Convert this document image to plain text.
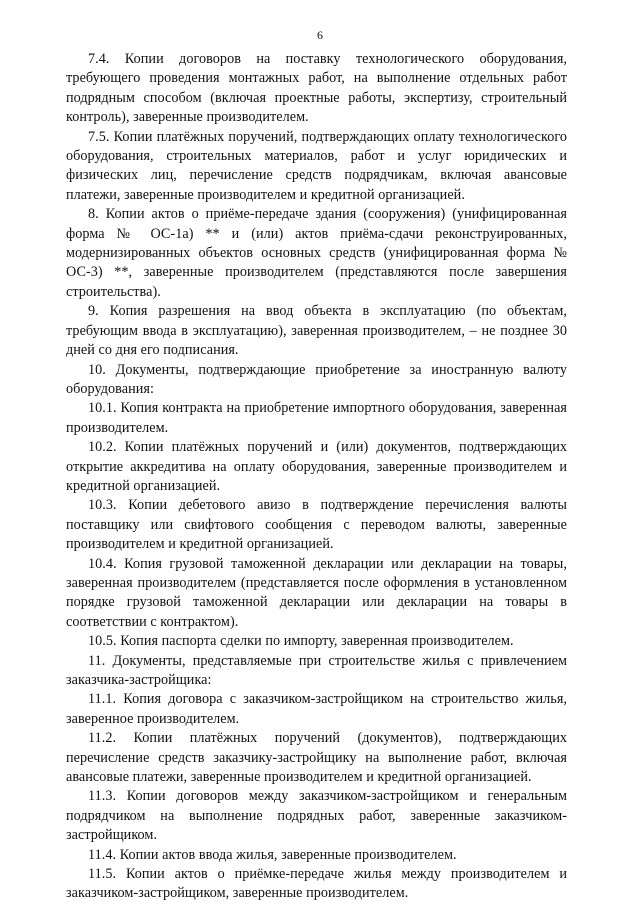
6

7.4. Копии договоров на поставку технологического оборудования, требующего проведения монтажных работ, на выполнение отдельных работ подрядным способом (включая проектные работы, экспертизу, строительный контроль), заверенные производителем.

7.5. Копии платёжных поручений, подтверждающих оплату технологического оборудования, строительных материалов, работ и услуг юридических и физических лиц, перечисление средств подрядчикам, включая авансовые платежи, заверенные производителем и кредитной организацией.

8. Копии актов о приёме-передаче здания (сооружения) (унифицированная форма № ОС-1а) ** и (или) актов приёма-сдачи реконструированных, модернизированных объектов основных средств (унифицированная форма № ОС-3) **, заверенные производителем (представляются после завершения строительства).

9. Копия разрешения на ввод объекта в эксплуатацию (по объектам, требующим ввода в эксплуатацию), заверенная производителем, – не позднее 30 дней со дня его подписания.

10. Документы, подтверждающие приобретение за иностранную валюту оборудования:

10.1. Копия контракта на приобретение импортного оборудования, заверенная производителем.

10.2. Копии платёжных поручений и (или) документов, подтверждающих открытие аккредитива на оплату оборудования, заверенные производителем и кредитной организацией.

10.3. Копии дебетового авизо в подтверждение перечисления валюты поставщику или свифтового сообщения с переводом валюты, заверенные производителем и кредитной организацией.

10.4. Копия грузовой таможенной декларации или декларации на товары, заверенная производителем (представляется после оформления в установленном порядке грузовой таможенной декларации или декларации на товары в соответствии с контрактом).

10.5. Копия паспорта сделки по импорту, заверенная производителем.

11. Документы, представляемые при строительстве жилья с привлечением заказчика-застройщика:

11.1. Копия договора с заказчиком-застройщиком на строительство жилья, заверенное производителем.

11.2. Копии платёжных поручений (документов), подтверждающих перечисление средств заказчику-застройщику на выполнение работ, включая авансовые платежи, заверенные производителем и кредитной организацией.

11.3. Копии договоров между заказчиком-застройщиком и генеральным подрядчиком на выполнение подрядных работ, заверенные заказчиком-застройщиком.

11.4. Копии актов ввода жилья, заверенные производителем.

11.5. Копии актов о приёмке-передаче жилья между производителем и заказчиком-застройщиком, заверенные производителем.
